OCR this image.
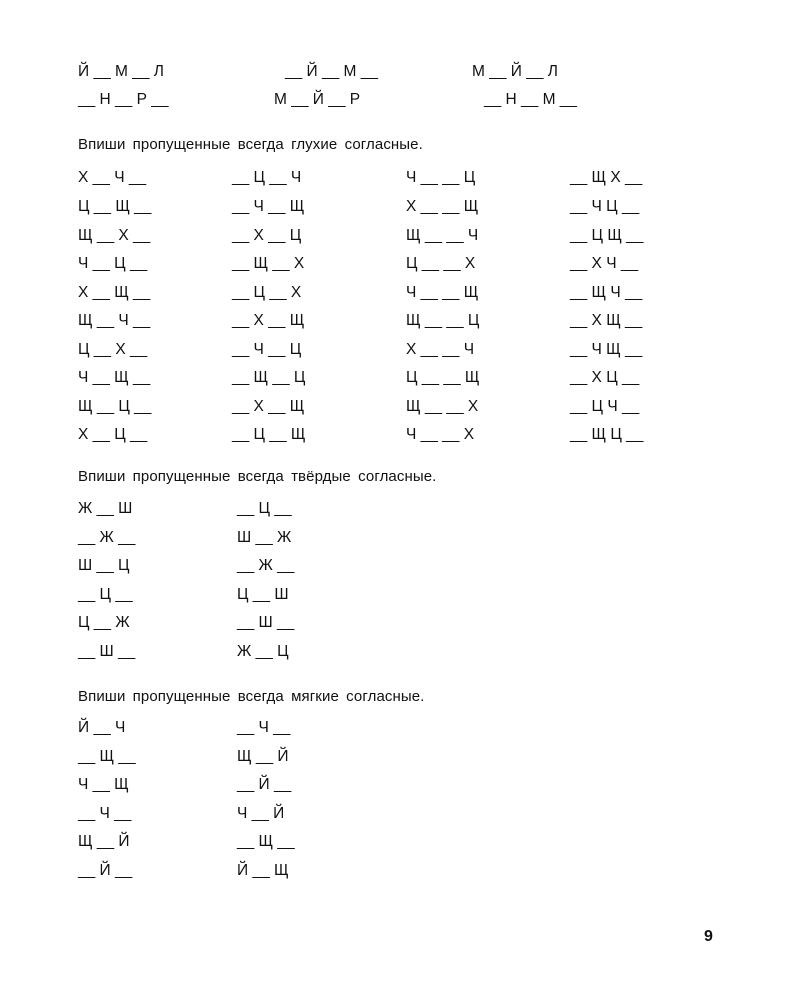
Й __ М __ Л	__ Й __ М __	М __ Й __ Л
__ Н __ Р __	М __ Й __ Р	__ Н __ М __
Впиши пропущенные всегда глухие согласные.
Х __ Ч __	__ Ц __ Ч	Ч __ __ Ц	__ Щ Х __
Ц __ Щ __	__ Ч __ Щ	Х __ __ Щ	__ Ч Ц __
Щ __ Х __	__ Х __ Ц	Щ __ __ Ч	__ Ц Щ __
Ч __ Ц __	__ Щ __ Х	Ц __ __ Х	__ Х Ч __
Х __ Щ __	__ Ц __ Х	Ч __ __ Щ	__ Щ Ч __
Щ __ Ч __	__ Х __ Щ	Щ __ __ Ц	__ Х Щ __
Ц __ Х __	__ Ч __ Ц	Х __ __ Ч	__ Ч Щ __
Ч __ Щ __	__ Щ __ Ц	Ц __ __ Щ	__ Х Ц __
Щ __ Ц __	__ Х __ Щ	Щ __ __ Х	__ Ц Ч __
Х __ Ц __	__ Ц __ Щ	Ч __ __ Х	__ Щ Ц __
Впиши пропущенные всегда твёрдые согласные.
Ж __ Ш	__ Ц __
__ Ж __	Ш __ Ж
Ш __ Ц	__ Ж __
__ Ц __	Ц __ Ш
Ц __ Ж	__ Ш __
__ Ш __	Ж __ Ц
Впиши пропущенные всегда мягкие согласные.
Й __ Ч	__ Ч __
__ Щ __	Щ __ Й
Ч __ Щ	__ Й __
__ Ч __	Ч __ Й
Щ __ Й	__ Щ __
__ Й __	Й __ Щ
9
